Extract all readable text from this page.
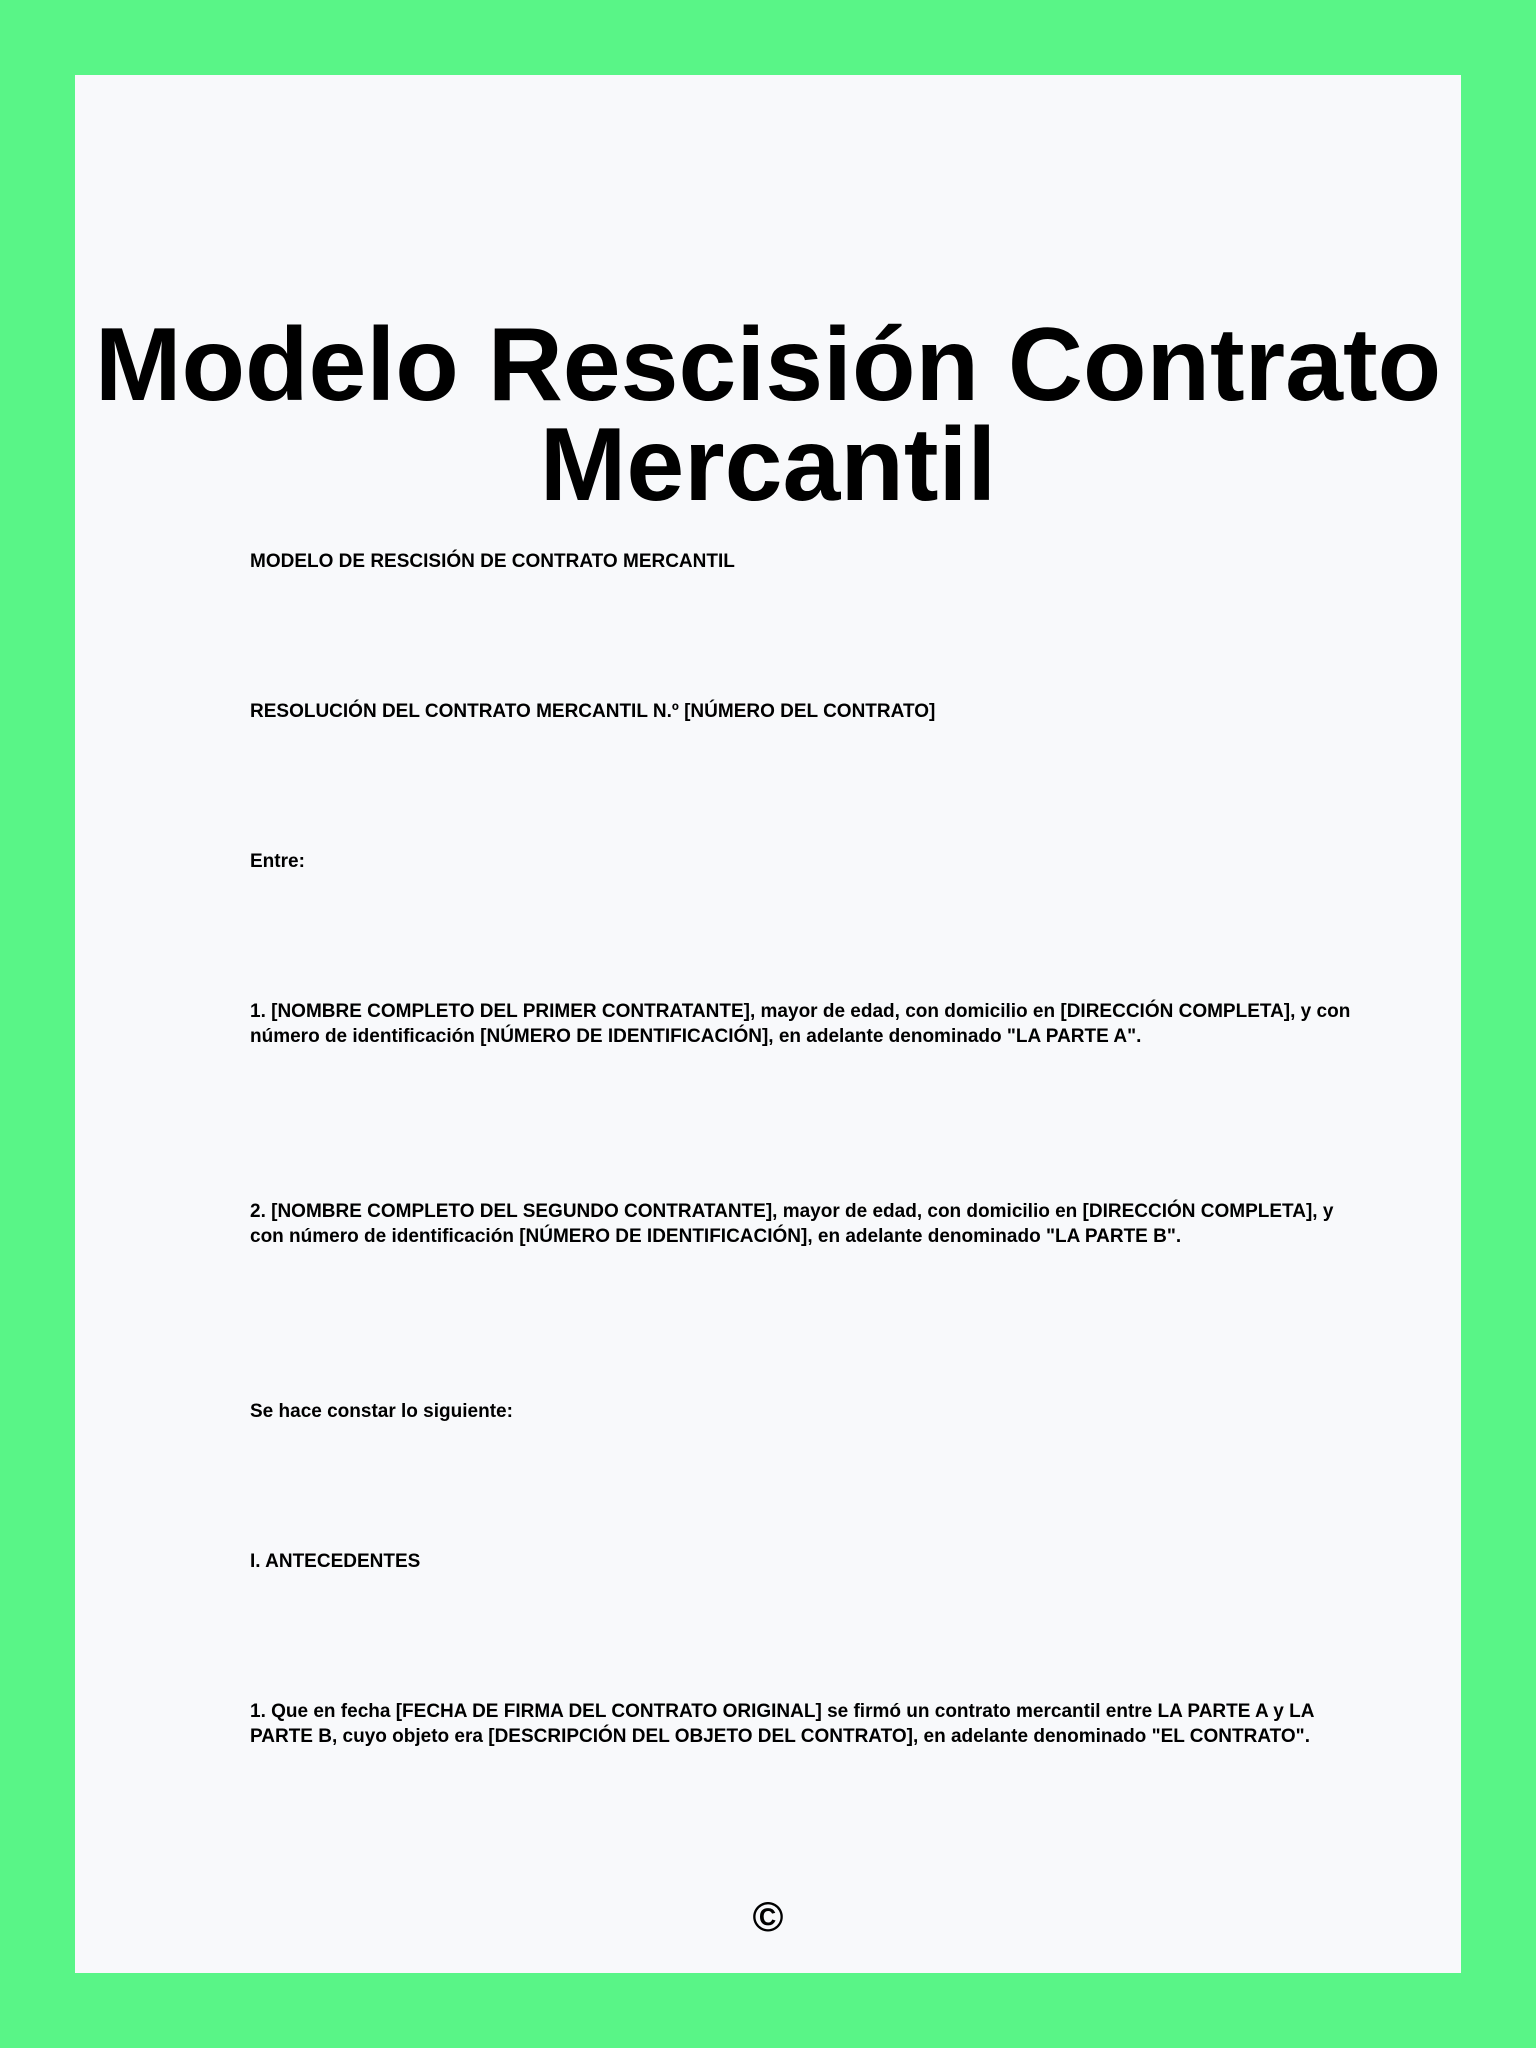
Modelo Rescisión Contrato
Mercantil

MODELO DE RESCISIÓN DE CONTRATO MERCANTIL

RESOLUCIÓN DEL CONTRATO MERCANTIL N.º [NÚMERO DEL CONTRATO]

Entre:

1. [NOMBRE COMPLETO DEL PRIMER CONTRATANTE], mayor de edad, con domicilio en [DIRECCIÓN COMPLETA], y con número de identificación [NÚMERO DE IDENTIFICACIÓN], en adelante denominado "LA PARTE A".

2. [NOMBRE COMPLETO DEL SEGUNDO CONTRATANTE], mayor de edad, con domicilio en [DIRECCIÓN COMPLETA], y con número de identificación [NÚMERO DE IDENTIFICACIÓN], en adelante denominado "LA PARTE B".

Se hace constar lo siguiente:

I. ANTECEDENTES

1. Que en fecha [FECHA DE FIRMA DEL CONTRATO ORIGINAL] se firmó un contrato mercantil entre LA PARTE A y LA PARTE B, cuyo objeto era [DESCRIPCIÓN DEL OBJETO DEL CONTRATO], en adelante denominado "EL CONTRATO".

©
